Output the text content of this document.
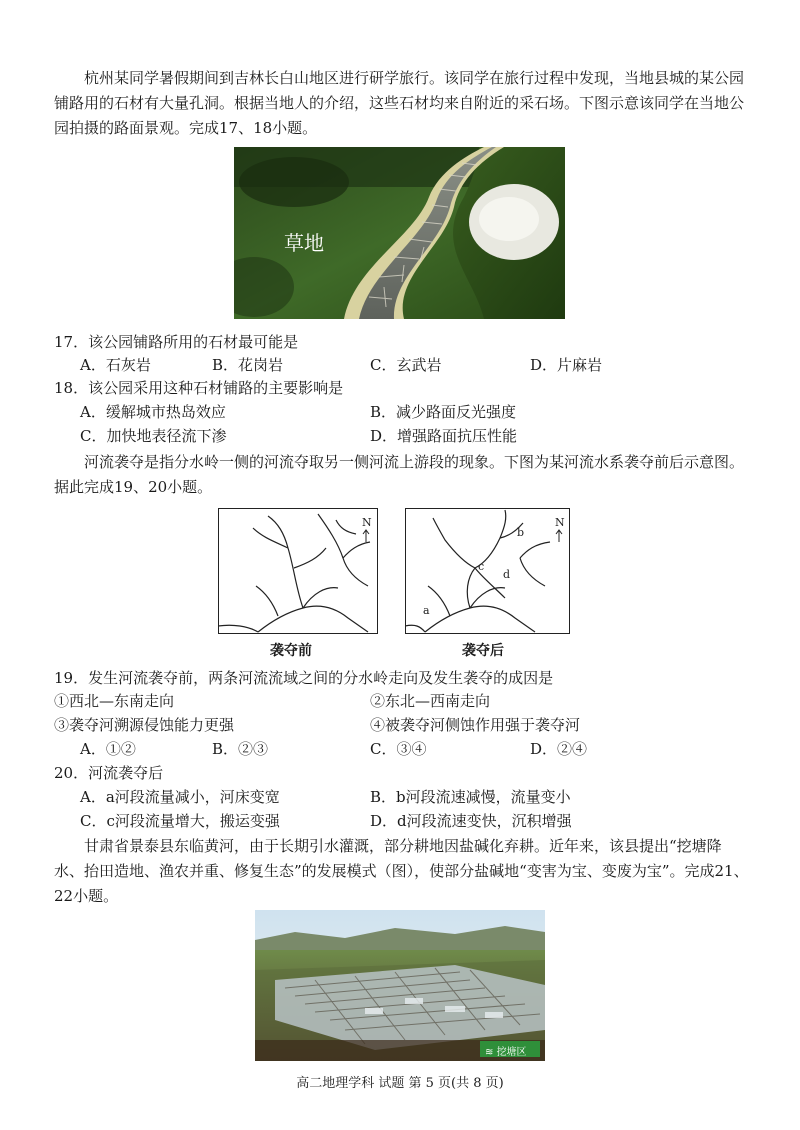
杭州某同学暑假期间到吉林长白山地区进行研学旅行。该同学在旅行过程中发现，当地县城的某公园铺路用的石材有大量孔洞。根据当地人的介绍，这些石材均来自附近的采石场。下图示意该同学在当地公园拍摄的路面景观。完成17、18小题。
草地
17．该公园铺路所用的石材最可能是
A．石灰岩	B．花岗岩	C．玄武岩	D．片麻岩
18．该公园采用这种石材铺路的主要影响是
A．缓解城市热岛效应	B．减少路面反光强度
C．加快地表径流下渗	D．增强路面抗压性能
河流袭夺是指分水岭一侧的河流夺取另一侧河流上游段的现象。下图为某河流水系袭夺前后示意图。据此完成19、20小题。
N
a
b
c
d
N
袭夺前	袭夺后
19．发生河流袭夺前，两条河流流域之间的分水岭走向及发生袭夺的成因是
①西北—东南走向	②东北—西南走向
③袭夺河溯源侵蚀能力更强	④被袭夺河侧蚀作用强于袭夺河
A．①②	B．②③	C．③④	D．②④
20．河流袭夺后
A．a河段流量减小，河床变宽	B．b河段流速减慢，流量变小
C．c河段流量增大，搬运变强	D．d河段流速变快，沉积增强
甘肃省景泰县东临黄河，由于长期引水灌溉，部分耕地因盐碱化弃耕。近年来，该县提出“挖塘降水、抬田造地、渔农并重、修复生态”的发展模式（图），使部分盐碱地“变害为宝、变废为宝”。完成21、22小题。
≋ 挖塘区
高二地理学科 试题 第 5 页(共 8 页)
